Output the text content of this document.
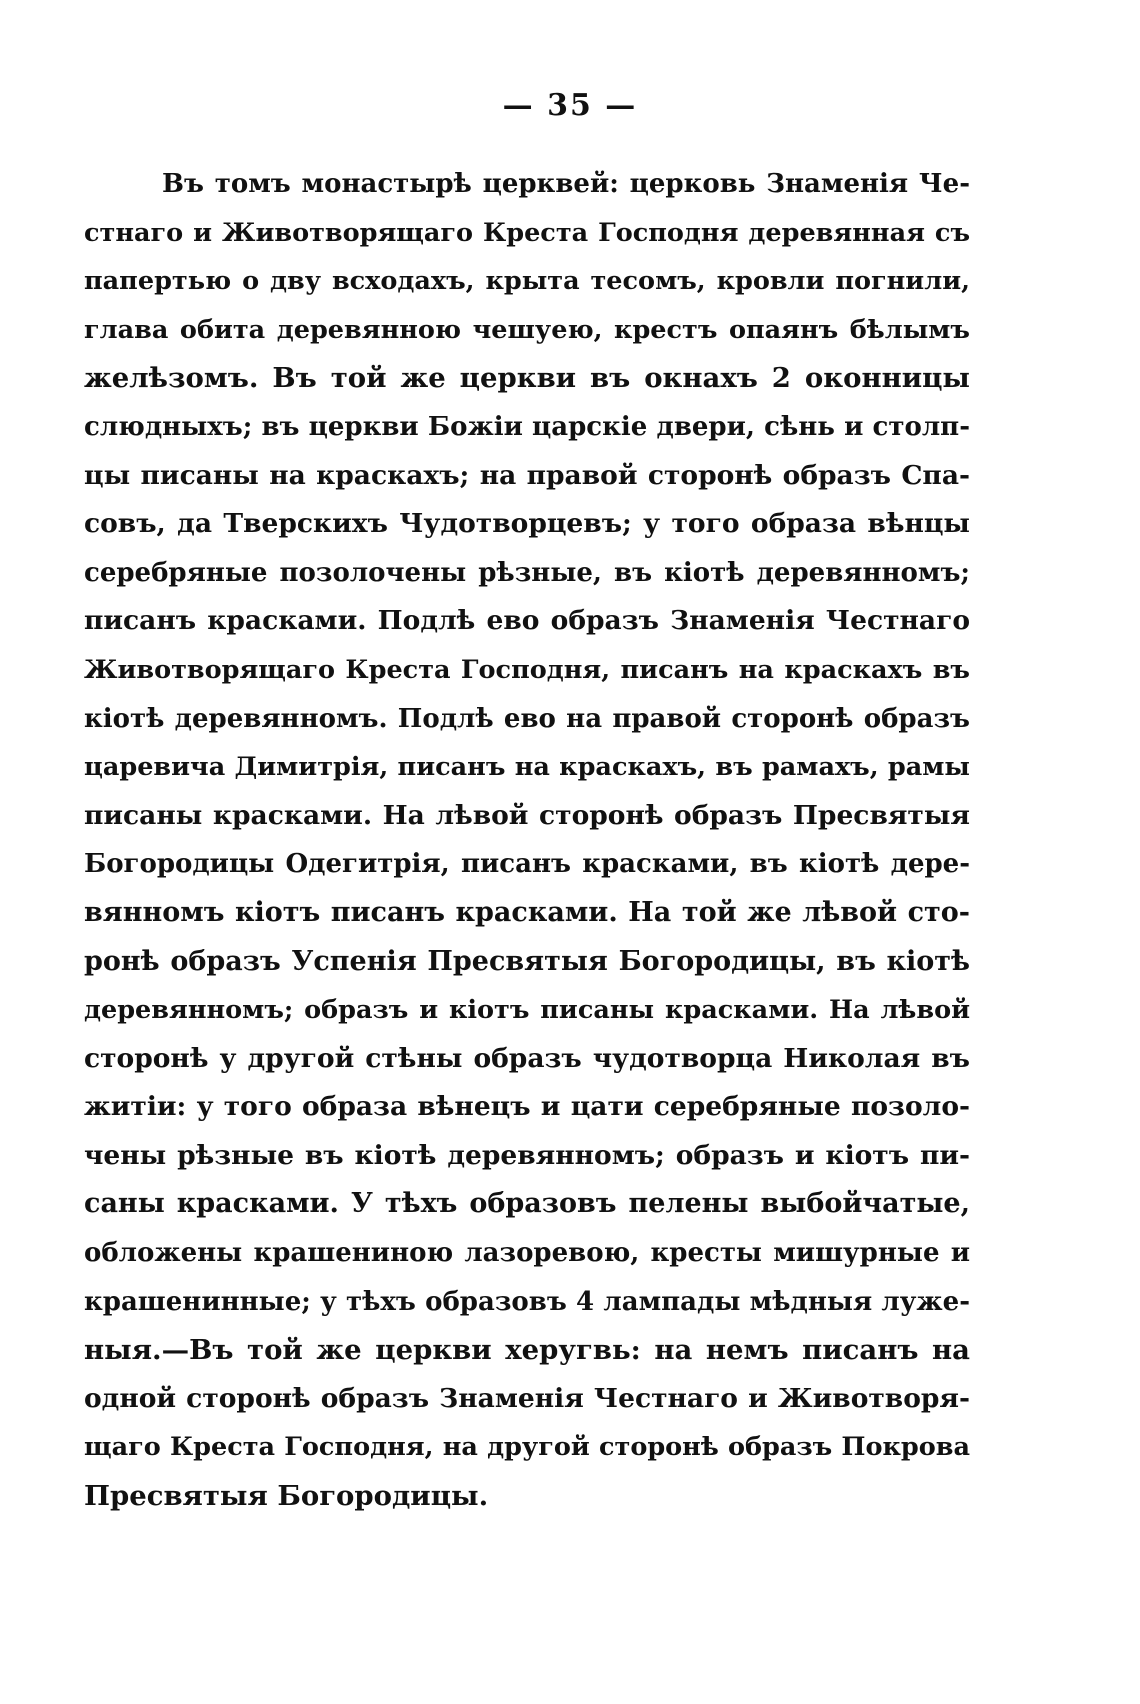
— 35 —
Въ томъ монастырѣ церквей: церковь Знаменія Че-
стнаго и Животворящаго Креста Господня деревянная съ
папертью о дву всходахъ, крыта тесомъ, кровли погнили,
глава обита деревянною чешуею, крестъ опаянъ бѣлымъ
желѣзомъ. Въ той же церкви въ окнахъ 2 оконницы
слюдныхъ; въ церкви Божіи царскіе двери, сѣнь и столп-
цы писаны на краскахъ; на правой сторонѣ образъ Спа-
совъ, да Тверскихъ Чудотворцевъ; у того образа вѣнцы
серебряные позолочены рѣзные, въ кіотѣ деревянномъ;
писанъ красками. Подлѣ ево образъ Знаменія Честнаго
Животворящаго Креста Господня, писанъ на краскахъ въ
кіотѣ деревянномъ. Подлѣ ево на правой сторонѣ образъ
царевича Димитрія, писанъ на краскахъ, въ рамахъ, рамы
писаны красками. На лѣвой сторонѣ образъ Пресвятыя
Богородицы Одегитрія, писанъ красками, въ кіотѣ дере-
вянномъ кіотъ писанъ красками. На той же лѣвой сто-
ронѣ образъ Успенія Пресвятыя Богородицы, въ кіотѣ
деревянномъ; образъ и кіотъ писаны красками. На лѣвой
сторонѣ у другой стѣны образъ чудотворца Николая въ
житіи: у того образа вѣнецъ и цати серебряные позоло-
чены рѣзные въ кіотѣ деревянномъ; образъ и кіотъ пи-
саны красками. У тѣхъ образовъ пелены выбойчатые,
обложены крашениною лазоревою, кресты мишурные и
крашенинные; у тѣхъ образовъ 4 лампады мѣдныя луже-
ныя.—Въ той же церкви херугвь: на немъ писанъ на
одной сторонѣ образъ Знаменія Честнаго и Животворя-
щаго Креста Господня, на другой сторонѣ образъ Покрова
Пресвятыя Богородицы.
